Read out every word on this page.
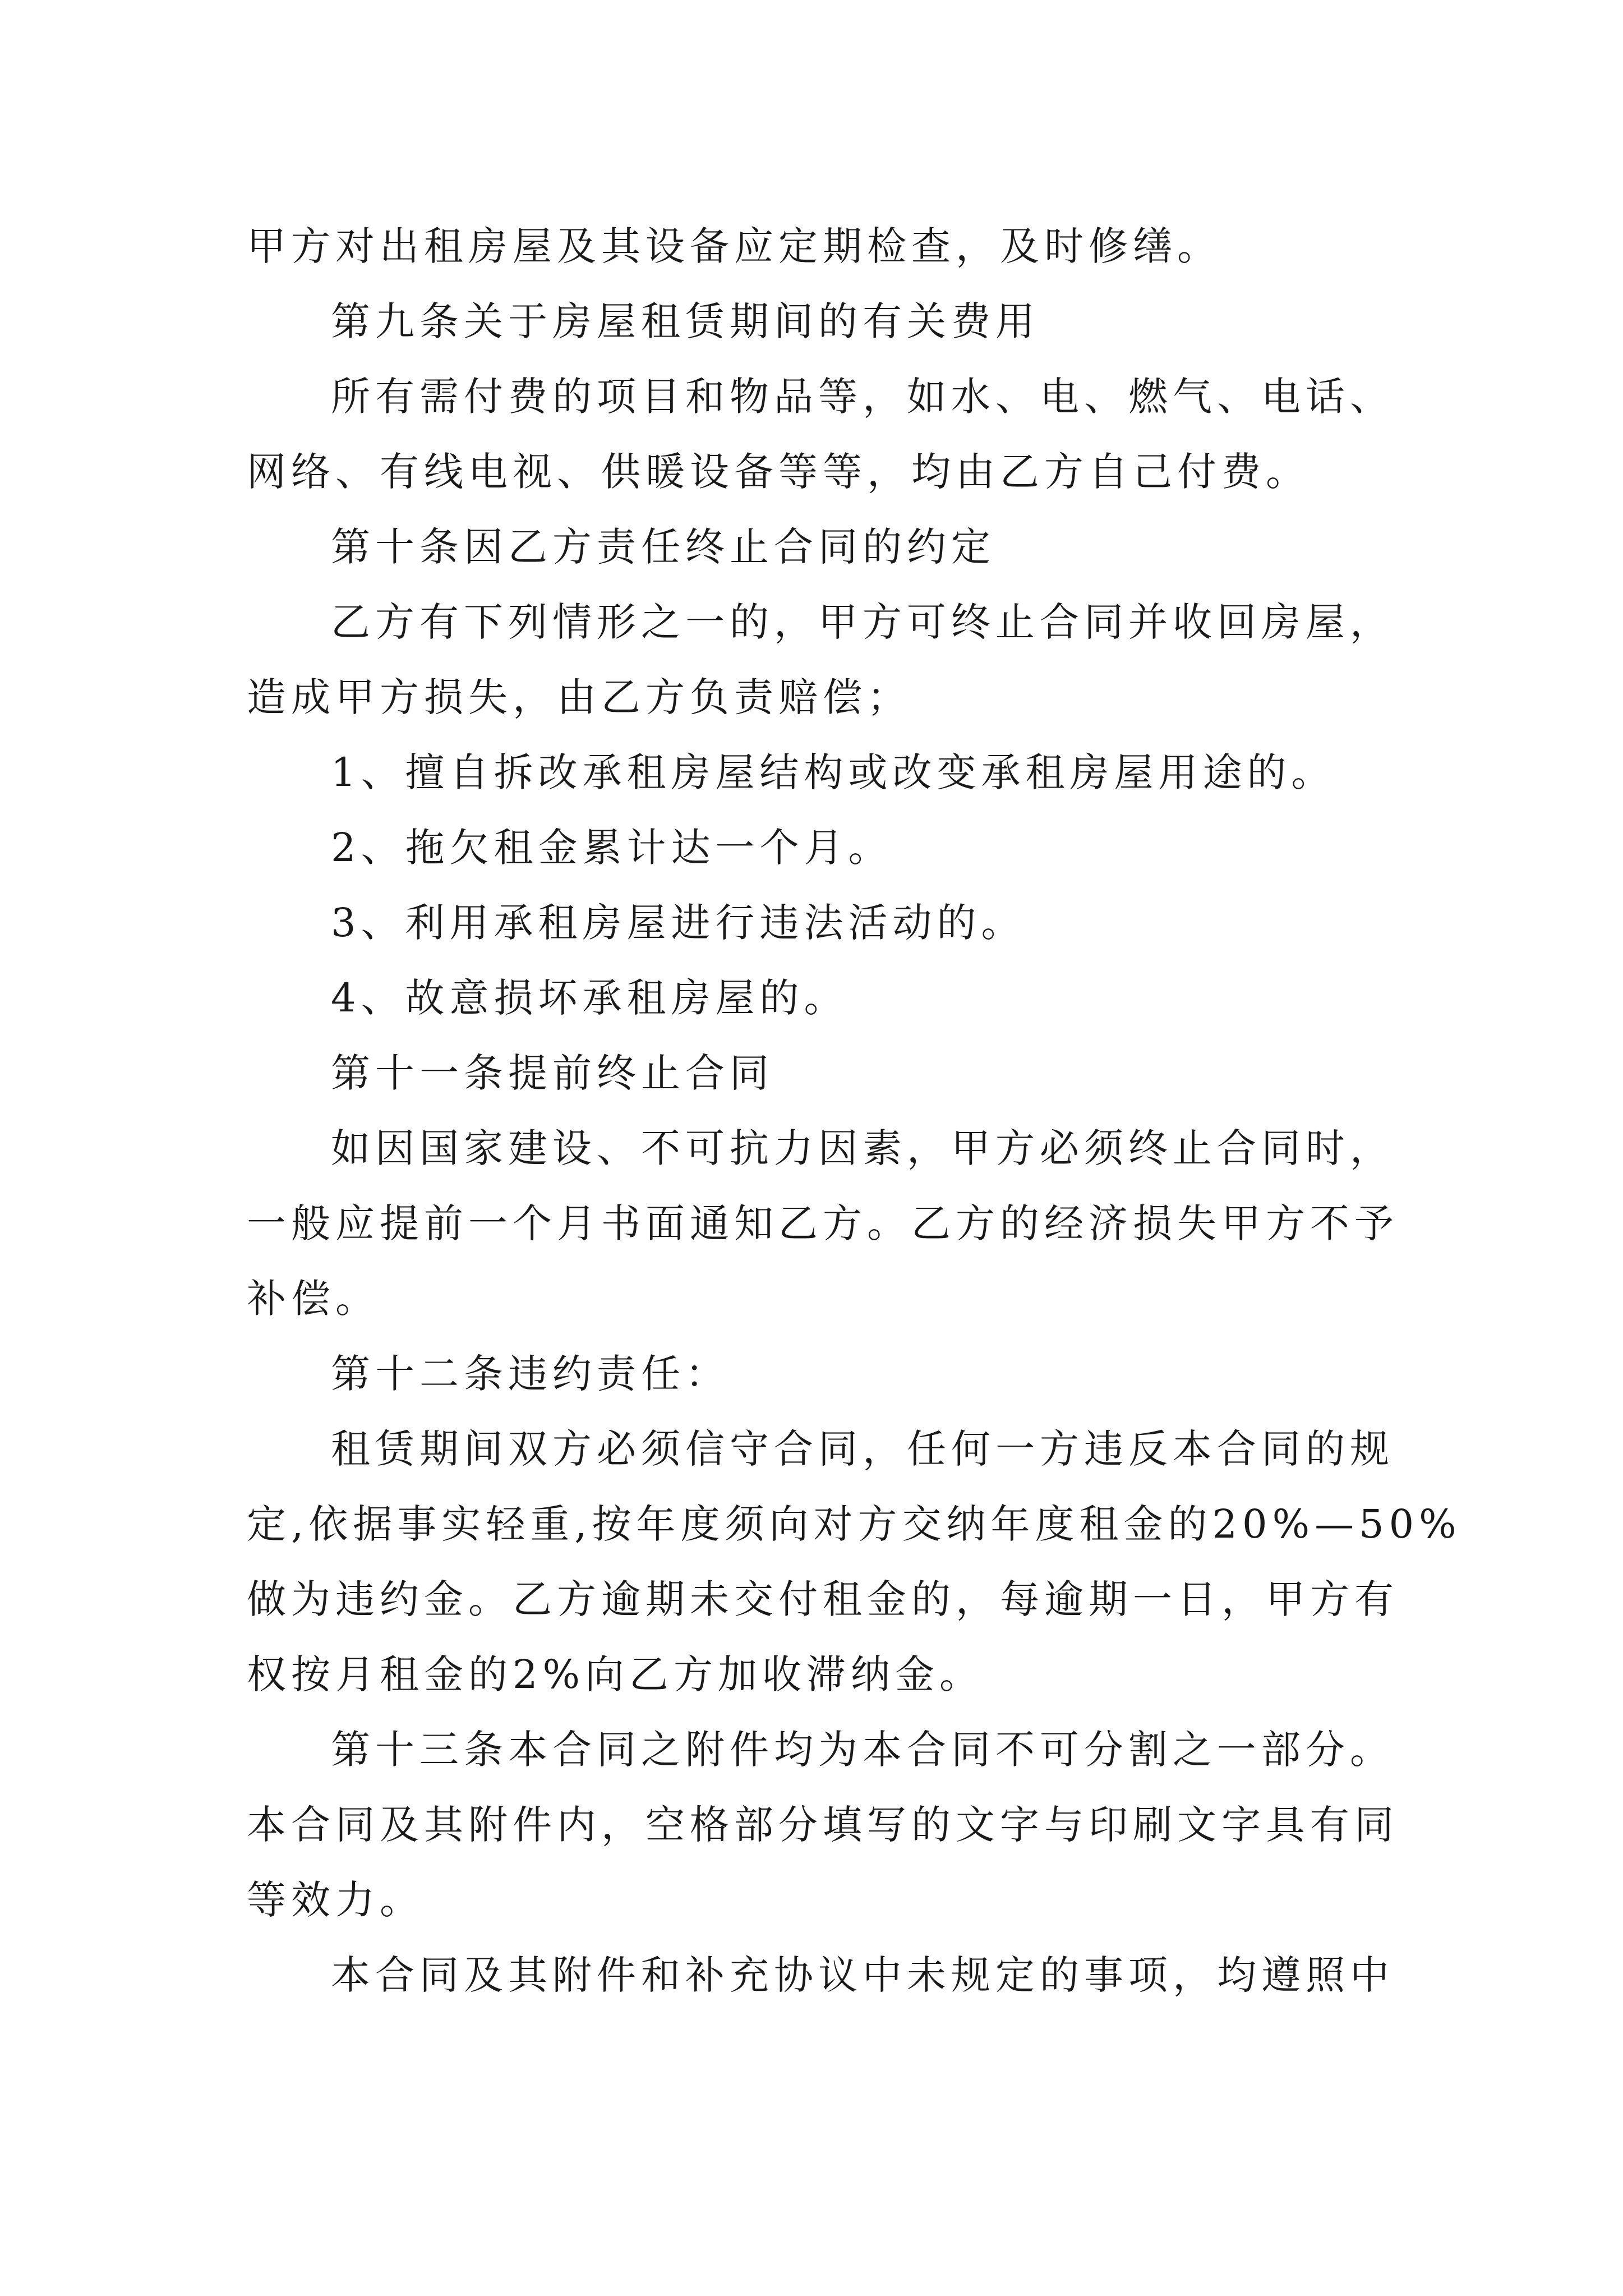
甲方对出租房屋及其设备应定期检查，及时修缮。
第九条关于房屋租赁期间的有关费用
所有需付费的项目和物品等，如水、电、燃气、电话、
网络、有线电视、供暖设备等等，均由乙方自己付费。
第十条因乙方责任终止合同的约定
乙方有下列情形之一的，甲方可终止合同并收回房屋，
造成甲方损失，由乙方负责赔偿；
1、擅自拆改承租房屋结构或改变承租房屋用途的。
2、拖欠租金累计达一个月。
3、利用承租房屋进行违法活动的。
4、故意损坏承租房屋的。
第十一条提前终止合同
如因国家建设、不可抗力因素，甲方必须终止合同时，
一般应提前一个月书面通知乙方。乙方的经济损失甲方不予
补偿。
第十二条违约责任：
租赁期间双方必须信守合同，任何一方违反本合同的规
定,依据事实轻重,按年度须向对方交纳年度租金的20%—50%
做为违约金。乙方逾期未交付租金的，每逾期一日，甲方有
权按月租金的2%向乙方加收滞纳金。
第十三条本合同之附件均为本合同不可分割之一部分。
本合同及其附件内，空格部分填写的文字与印刷文字具有同
等效力。
本合同及其附件和补充协议中未规定的事项，均遵照中
